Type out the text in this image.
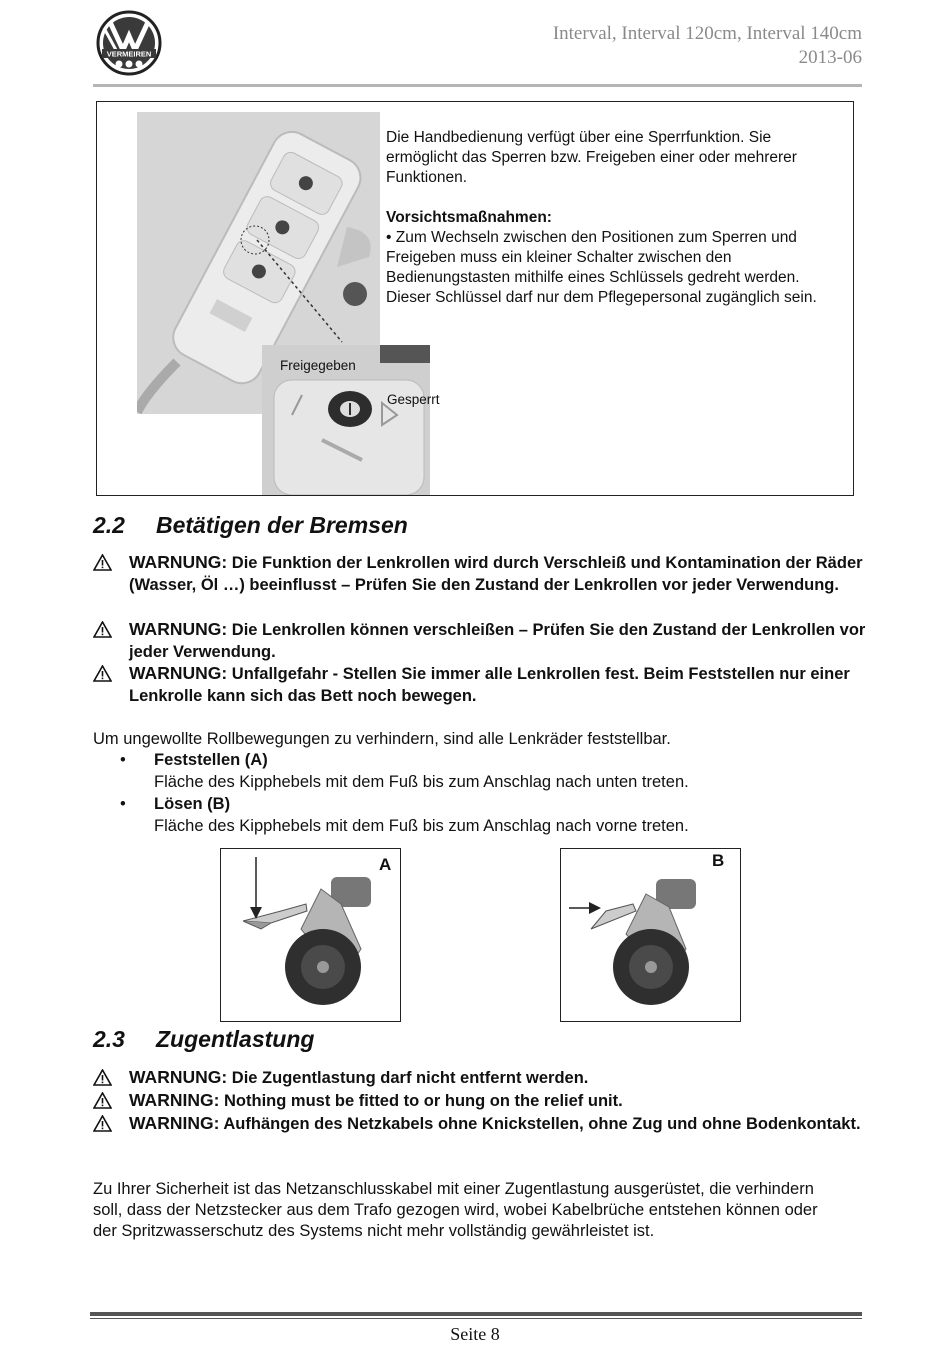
VERMEIREN
Interval, Interval 120cm, Interval 140cm
2013-06

Die Handbedienung verfügt über eine Sperrfunktion. Sie ermöglicht das Sperren bzw. Freigeben einer oder mehrerer Funktionen.

Vorsichtsmaßnahmen:
• Zum Wechseln zwischen den Positionen zum Sperren und Freigeben muss ein kleiner Schalter zwischen den Bedienungstasten mithilfe eines Schlüssels gedreht werden. Dieser Schlüssel darf nur dem Pflegepersonal zugänglich sein.
Freigegeben
Gesperrt
2.2 Betätigen der Bremsen
WARNUNG: Die Funktion der Lenkrollen wird durch Verschleiß und Kontamination der Räder (Wasser, Öl …) beeinflusst – Prüfen Sie den Zustand der Lenkrollen vor jeder Verwendung.
WARNUNG: Die Lenkrollen können verschleißen – Prüfen Sie den Zustand der Lenkrollen vor jeder Verwendung.
WARNUNG: Unfallgefahr - Stellen Sie immer alle Lenkrollen fest. Beim Feststellen nur einer Lenkrolle kann sich das Bett noch bewegen.
Um ungewollte Rollbewegungen zu verhindern, sind alle Lenkräder feststellbar.
• Feststellen (A)
Fläche des Kipphebels mit dem Fuß bis zum Anschlag nach unten treten.
• Lösen (B)
Fläche des Kipphebels mit dem Fuß bis zum Anschlag nach vorne treten.
A	B
2.3 Zugentlastung
WARNUNG: Die Zugentlastung darf nicht entfernt werden.
WARNING: Nothing must be fitted to or hung on the relief unit.
WARNING: Aufhängen des Netzkabels ohne Knickstellen, ohne Zug und ohne Bodenkontakt.
Zu Ihrer Sicherheit ist das Netzanschlusskabel mit einer Zugentlastung ausgerüstet, die verhindern soll, dass der Netzstecker aus dem Trafo gezogen wird, wobei Kabelbrüche entstehen können oder der Spritzwasserschutz des Systems nicht mehr vollständig gewährleistet ist.
Seite 8
